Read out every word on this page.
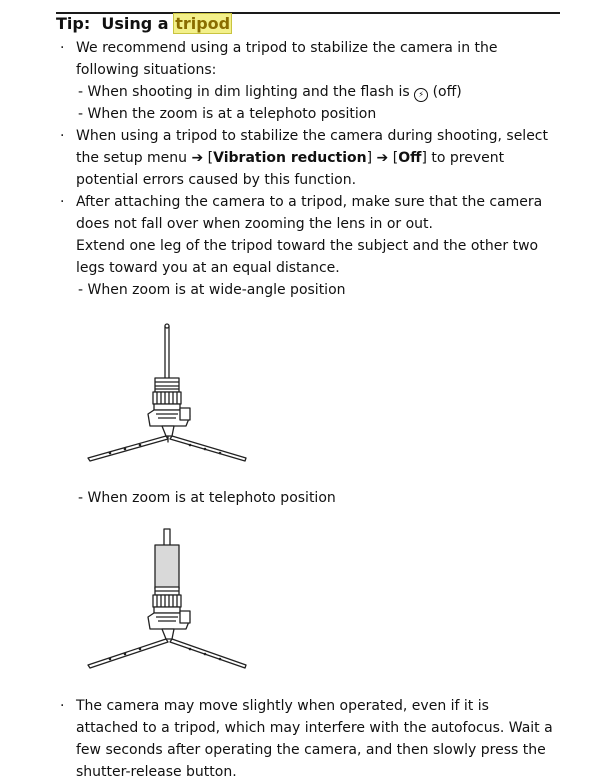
Tip: Using a tripod
· We recommend using a tripod to stabilize the camera in the following situations:
- When shooting in dim lighting and the flash is ⚡ (off)
- When the zoom is at a telephoto position
· When using a tripod to stabilize the camera during shooting, select the setup menu ➔ [Vibration reduction] ➔ [Off] to prevent potential errors caused by this function.
· After attaching the camera to a tripod, make sure that the camera does not fall over when zooming the lens in or out.
Extend one leg of the tripod toward the subject and the other two legs toward you at an equal distance.
- When zoom is at wide-angle position
- When zoom is at telephoto position
· The camera may move slightly when operated, even if it is attached to a tripod, which may interfere with the autofocus. Wait a few seconds after operating the camera, and then slowly press the shutter-release button.
